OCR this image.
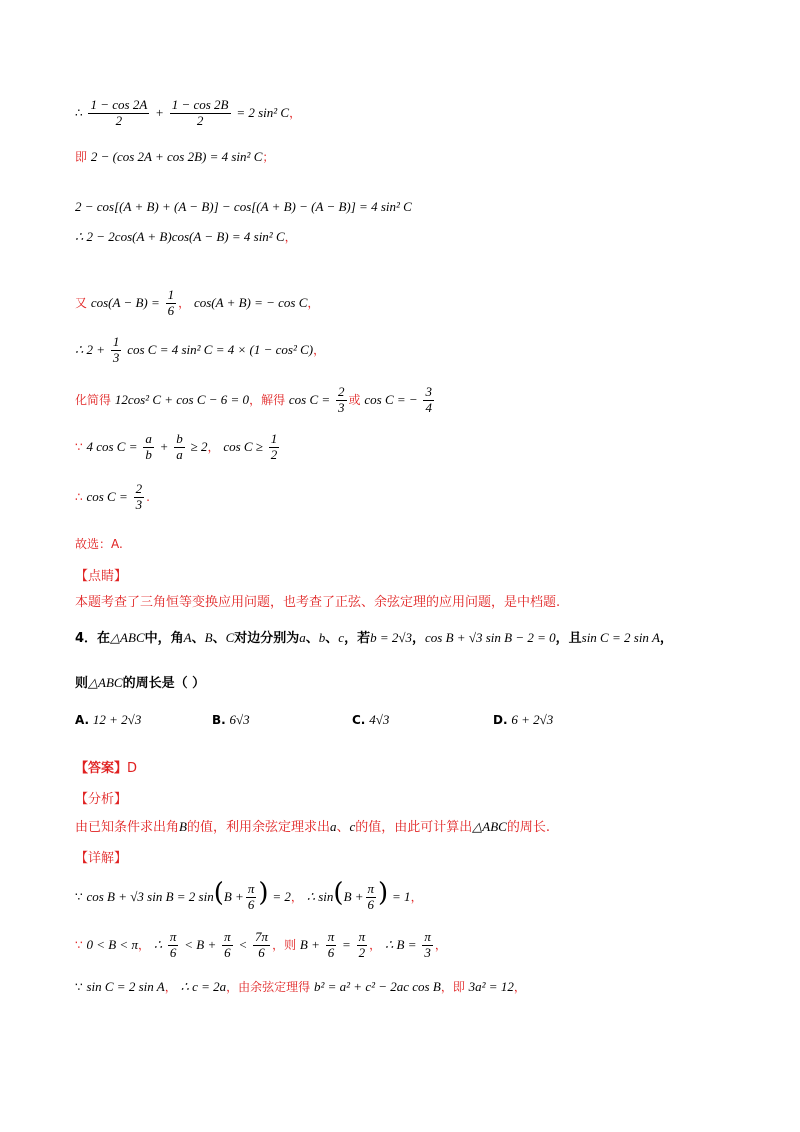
∴ $\frac{1 - \cos 2A}{2} + \frac{1 - \cos 2B}{2} = 2$ sin² C，
即 2 − (cos 2A + cos 2B) = 4 sin² C；
2 − cos[(A + B) + (A − B)] − cos[(A + B) − (A − B)] = 4 sin² C
∴ 2 − 2cos(A + B)cos(A − B) = 4 sin² C，
又 $\cos(A - B) = \frac{1}{6}$ ， cos(A + B) = − cos C，
∴ $2 + \frac{1}{3}$ cos C = 4 sin² C = 4 × (1 − cos² C)，
化简得 12cos² C + cos C − 6 = 0，解得 $\cos C = \frac{2}{3}$ 或 cos C = − $\frac{3}{4}$
∵ 4 $\cos C = \frac{a}{b} + \frac{b}{a} \ge 2$， $\cos C \ge \frac{1}{2}$
∴ $\cos C = \frac{2}{3}$ .
故选：A.
【点睛】
本题考查了三角恒等变换应用问题，也考查了正弦、余弦定理的应用问题，是中档题.
4．在△ABC中，角A、B、C对边分别为a、b、c，若b = 2√3，cos B + √3 sin B − 2 = 0，且sin C = 2 sin A，
则△ABC的周长是（ ）
A. 12 + 2√3	B. 6√3	C. 4√3	D. 6 + 2√3
【答案】D
【分析】
由已知条件求出角B的值，利用余弦定理求出a、c的值，由此可计算出△ABC的周长.
【详解】
∵ cos B + √3 sin B = 2 $\sin(B + \frac{\pi}{6}$ ) = 2， ∴ $\sin(B + \frac{\pi}{6}$ ) = 1，
∵ 0 < B < π， ∴ $\frac{\pi}{6} < B + \frac{\pi}{6} < \frac{7\pi}{6}$ ，则 $B + \frac{\pi}{6} = \frac{\pi}{2}$ ， ∴ $B = \frac{\pi}{3}$ ，
∵ sin C = 2 sin A， ∴ c = 2a，由余弦定理得 b² = a² + c² − 2ac cos B，即 3a² = 12，
